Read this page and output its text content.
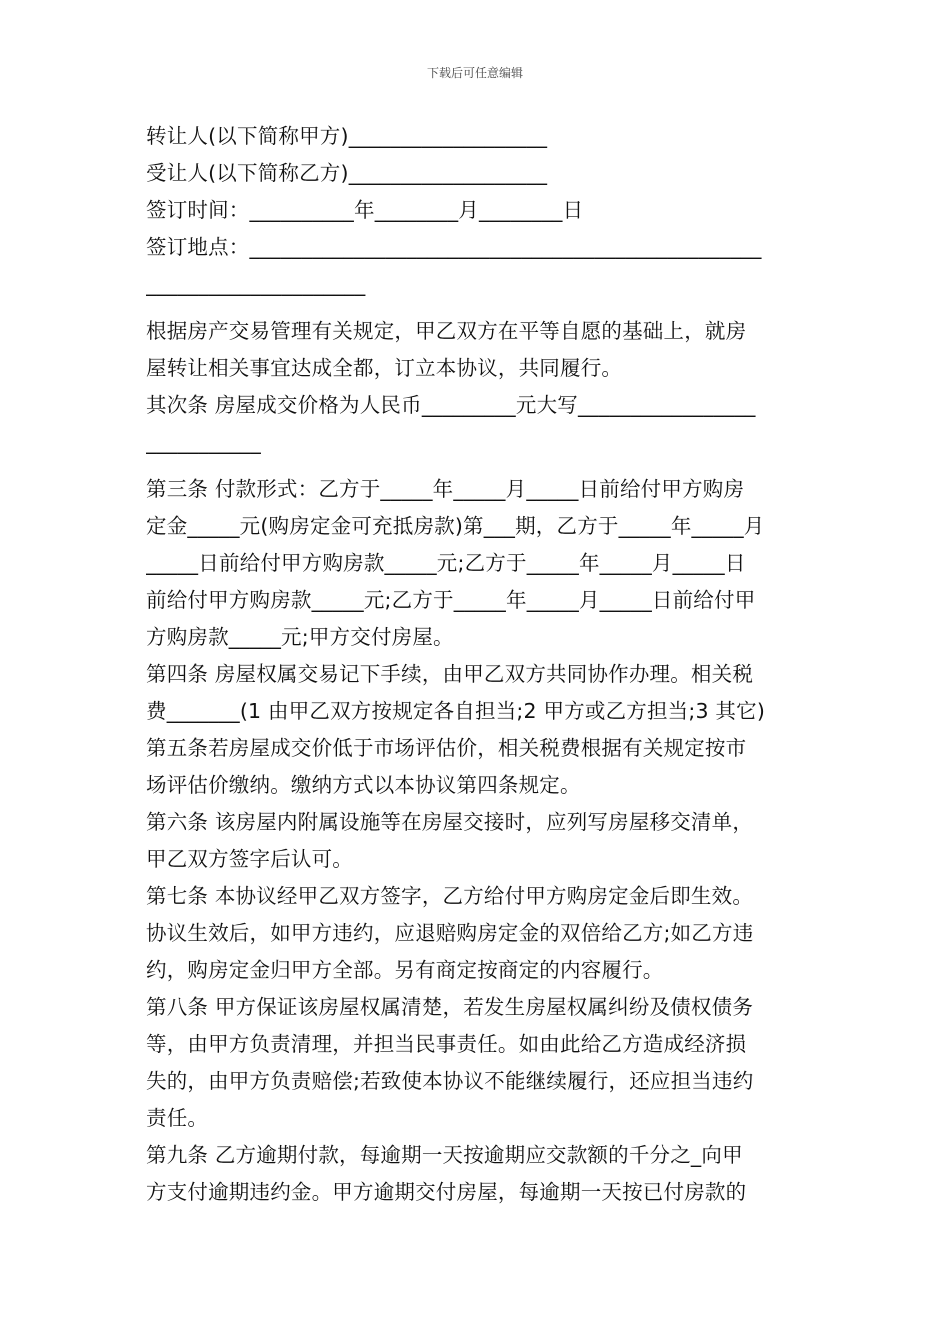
下载后可任意编辑
转让人(以下简称甲方)___________________
受让人(以下简称乙方)___________________
签订时间：__________年________月________日
签订地点：_________________________________________________
_____________________
根据房产交易管理有关规定，甲乙双方在平等自愿的基础上，就房
屋转让相关事宜达成全都，订立本协议，共同履行。
其次条 房屋成交价格为人民币_________元大写_________________
___________
第三条 付款形式：乙方于_____年_____月_____日前给付甲方购房
定金_____元(购房定金可充抵房款)第___期，乙方于_____年_____月
_____日前给付甲方购房款_____元;乙方于_____年_____月_____日
前给付甲方购房款_____元;乙方于_____年_____月_____日前给付甲
方购房款_____元;甲方交付房屋。
第四条 房屋权属交易记下手续，由甲乙双方共同协作办理。相关税
费_______(1 由甲乙双方按规定各自担当;2 甲方或乙方担当;3 其它)
第五条若房屋成交价低于市场评估价，相关税费根据有关规定按市
场评估价缴纳。缴纳方式以本协议第四条规定。
第六条 该房屋内附属设施等在房屋交接时，应列写房屋移交清单，
甲乙双方签字后认可。
第七条 本协议经甲乙双方签字，乙方给付甲方购房定金后即生效。
协议生效后，如甲方违约，应退赔购房定金的双倍给乙方;如乙方违
约，购房定金归甲方全部。另有商定按商定的内容履行。
第八条 甲方保证该房屋权属清楚，若发生房屋权属纠纷及债权债务
等，由甲方负责清理，并担当民事责任。如由此给乙方造成经济损
失的，由甲方负责赔偿;若致使本协议不能继续履行，还应担当违约
责任。
第九条 乙方逾期付款，每逾期一天按逾期应交款额的千分之_向甲
方支付逾期违约金。甲方逾期交付房屋，每逾期一天按已付房款的
